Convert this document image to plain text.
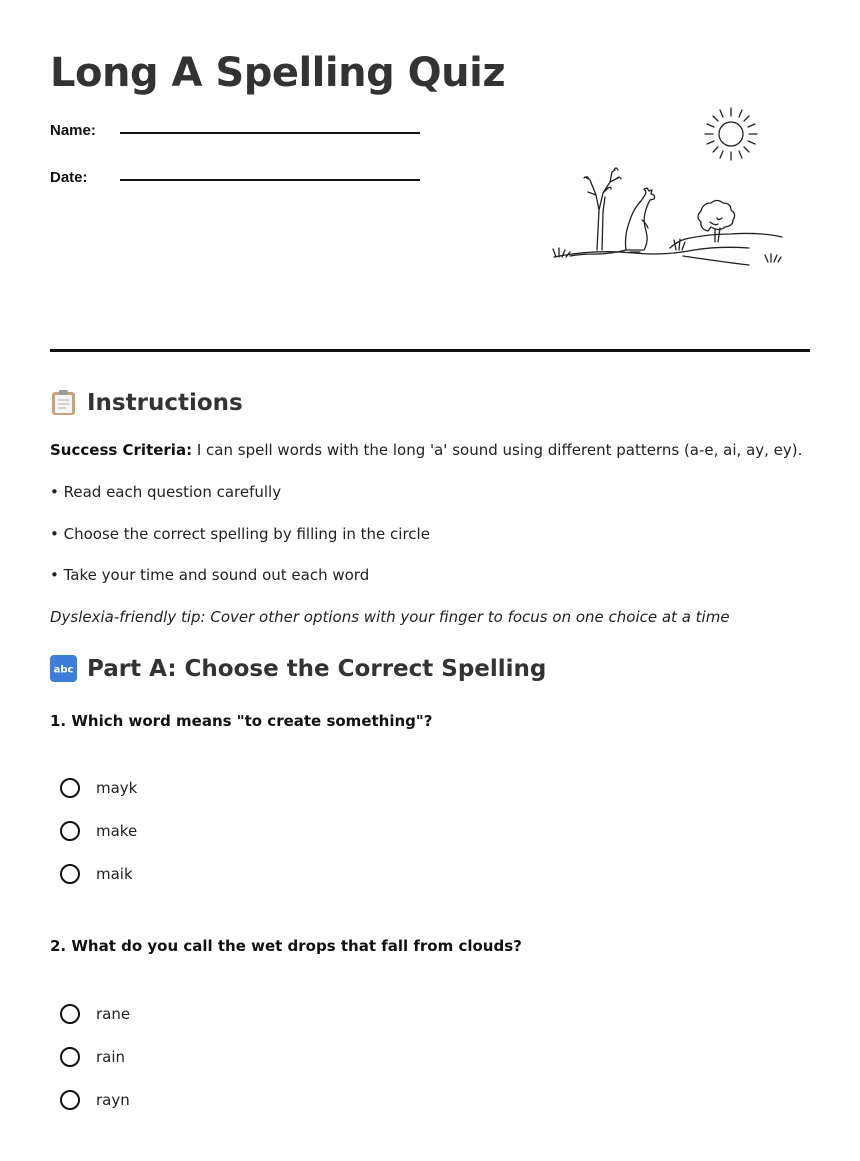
Long A Spelling Quiz
Name:
Date:
Instructions
Success Criteria: I can spell words with the long 'a' sound using different patterns (a-e, ai, ay, ey).
• Read each question carefully
• Choose the correct spelling by filling in the circle
• Take your time and sound out each word
Dyslexia-friendly tip: Cover other options with your finger to focus on one choice at a time
abc Part A: Choose the Correct Spelling
1. Which word means "to create something"?
mayk
make
maik
2. What do you call the wet drops that fall from clouds?
rane
rain
rayn
